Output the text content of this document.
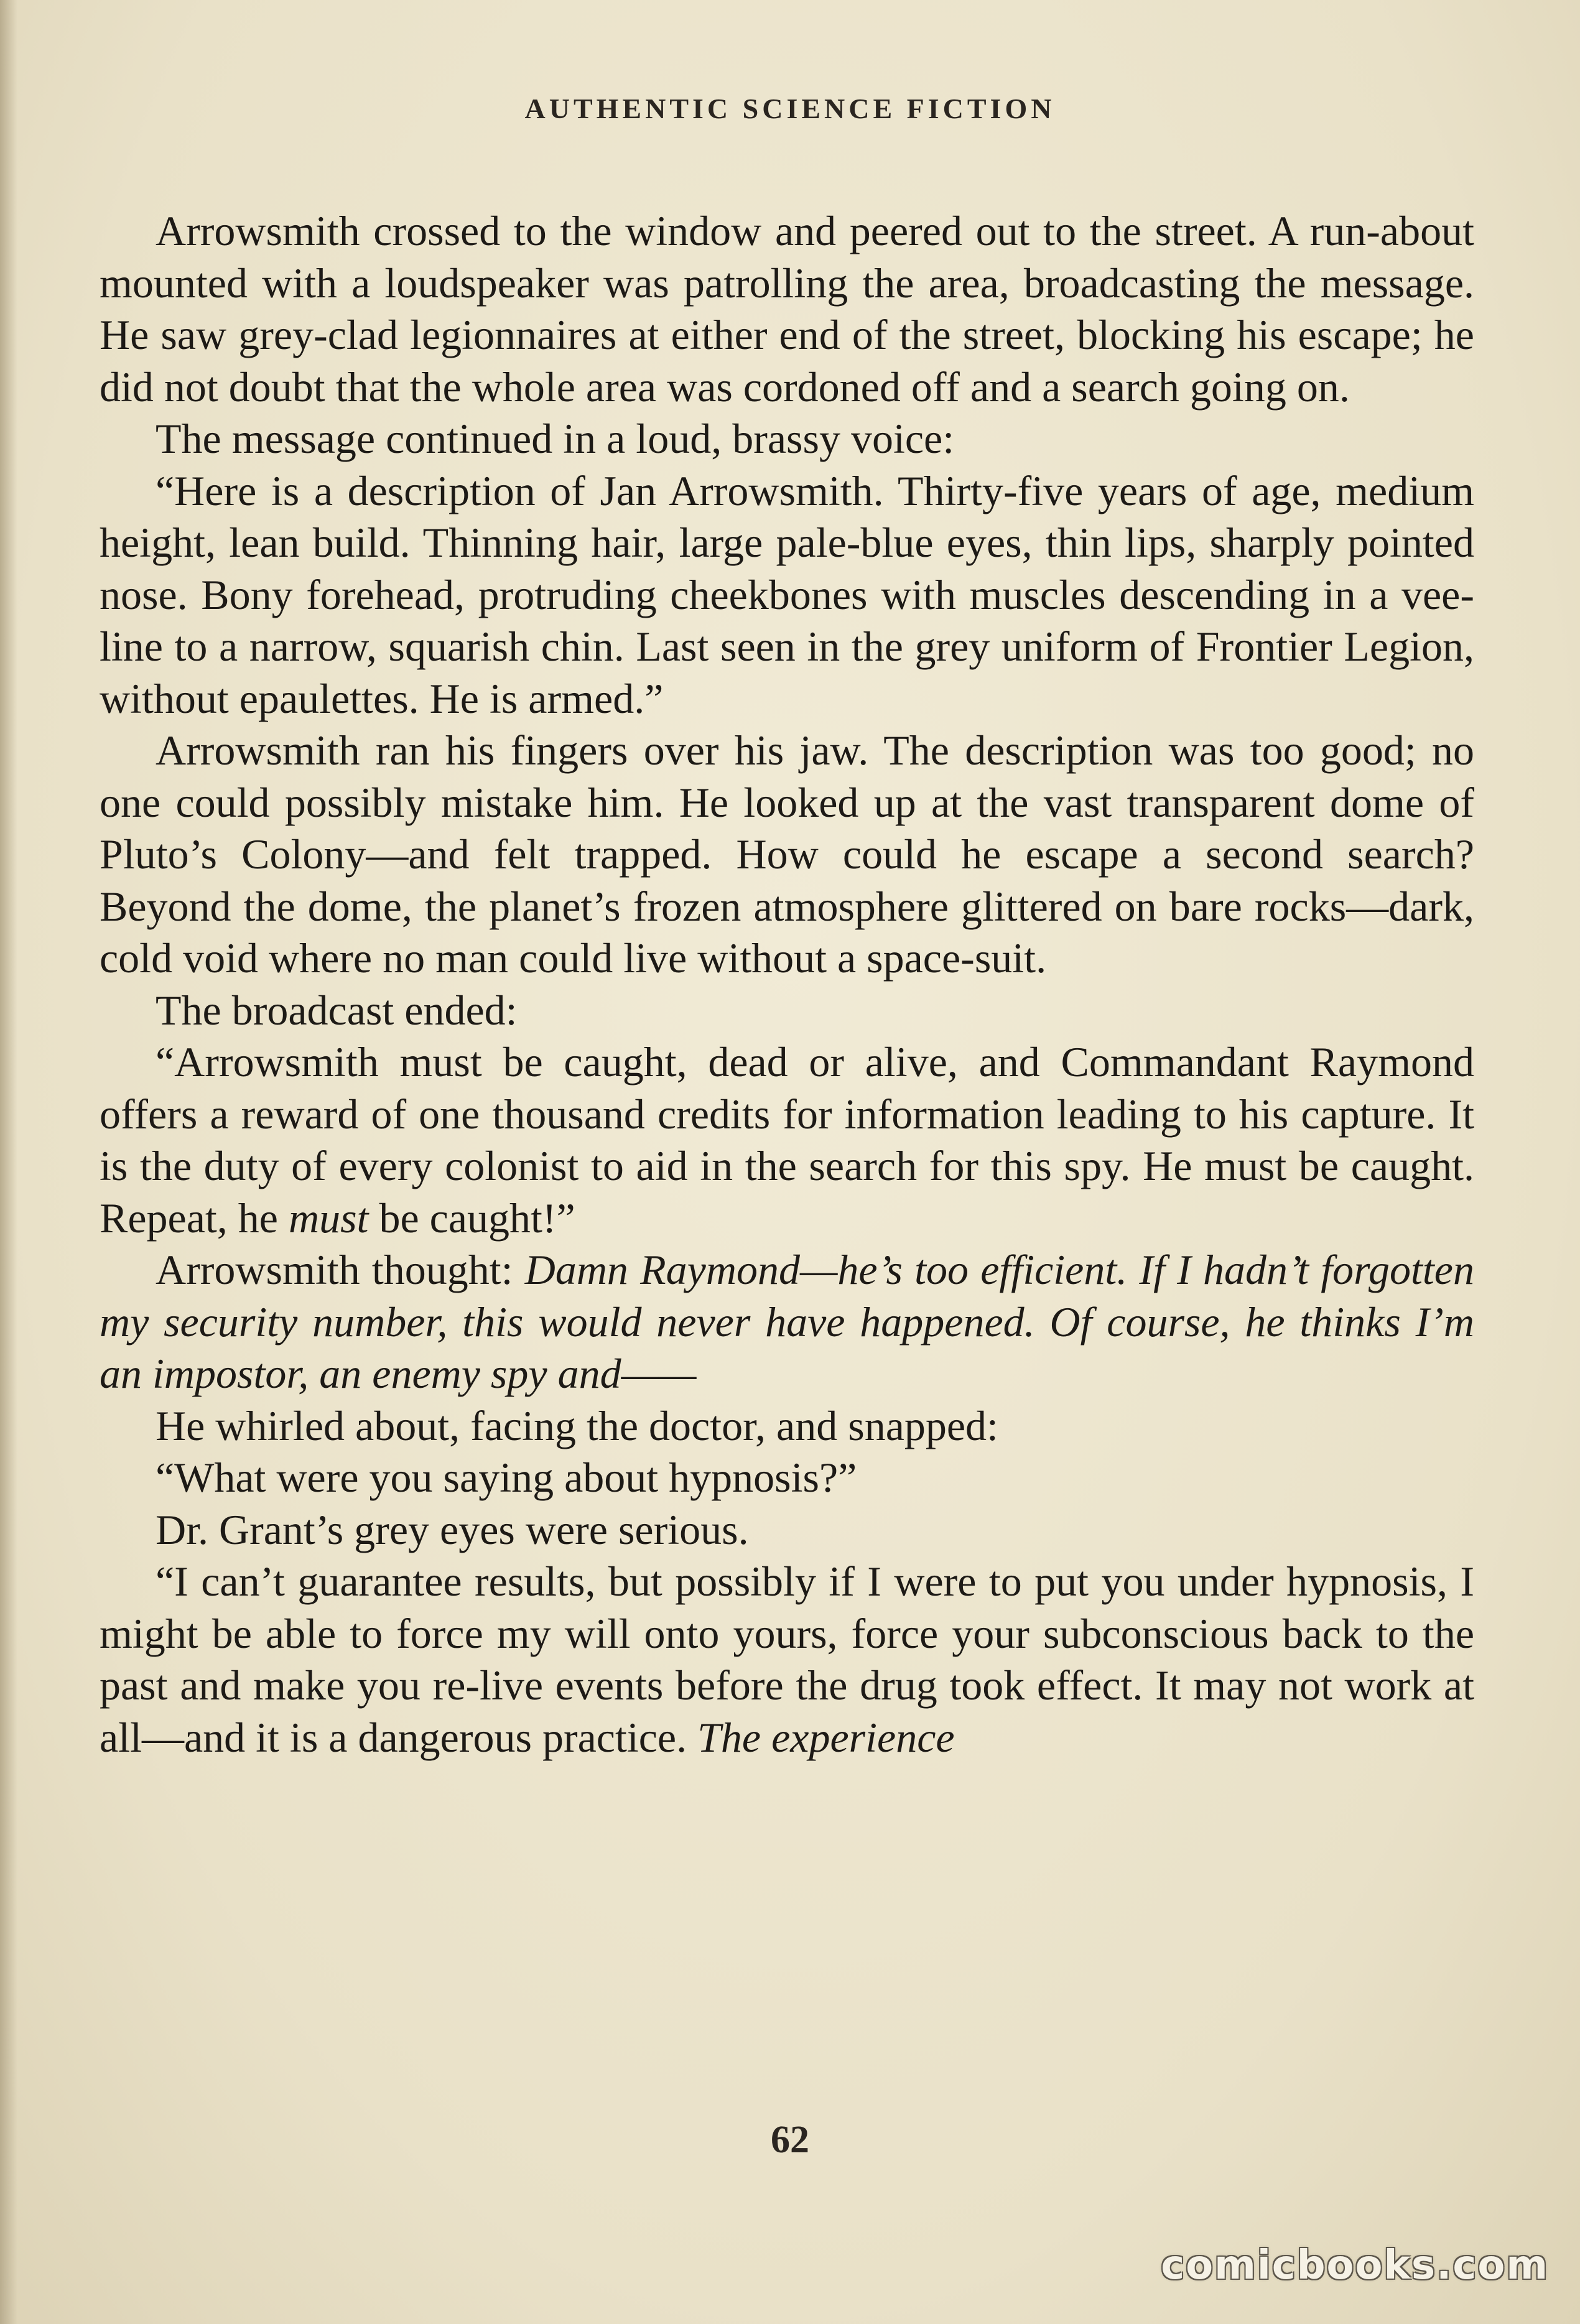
AUTHENTIC SCIENCE FICTION

Arrowsmith crossed to the window and peered out to the street. A run-about mounted with a loudspeaker was patrolling the area, broadcasting the message. He saw grey-clad legionnaires at either end of the street, blocking his escape; he did not doubt that the whole area was cordoned off and a search going on.

The message continued in a loud, brassy voice:

“Here is a description of Jan Arrowsmith. Thirty-five years of age, medium height, lean build. Thinning hair, large pale-blue eyes, thin lips, sharply pointed nose. Bony forehead, protruding cheekbones with muscles descending in a vee-line to a narrow, squarish chin. Last seen in the grey uniform of Frontier Legion, without epaulettes. He is armed.”

Arrowsmith ran his fingers over his jaw. The description was too good; no one could possibly mistake him. He looked up at the vast transparent dome of Pluto’s Colony—and felt trapped. How could he escape a second search? Beyond the dome, the planet’s frozen atmosphere glittered on bare rocks—dark, cold void where no man could live without a space-suit.

The broadcast ended:

“Arrowsmith must be caught, dead or alive, and Commandant Raymond offers a reward of one thousand credits for information leading to his capture. It is the duty of every colonist to aid in the search for this spy. He must be caught. Repeat, he must be caught!”

Arrowsmith thought: Damn Raymond—he’s too efficient. If I hadn’t forgotten my security number, this would never have happened. Of course, he thinks I’m an impostor, an enemy spy and——

He whirled about, facing the doctor, and snapped:

“What were you saying about hypnosis?”

Dr. Grant’s grey eyes were serious.

“I can’t guarantee results, but possibly if I were to put you under hypnosis, I might be able to force my will onto yours, force your subconscious back to the past and make you re-live events before the drug took effect. It may not work at all—and it is a dangerous practice. The experience

62
comicbooks.com
